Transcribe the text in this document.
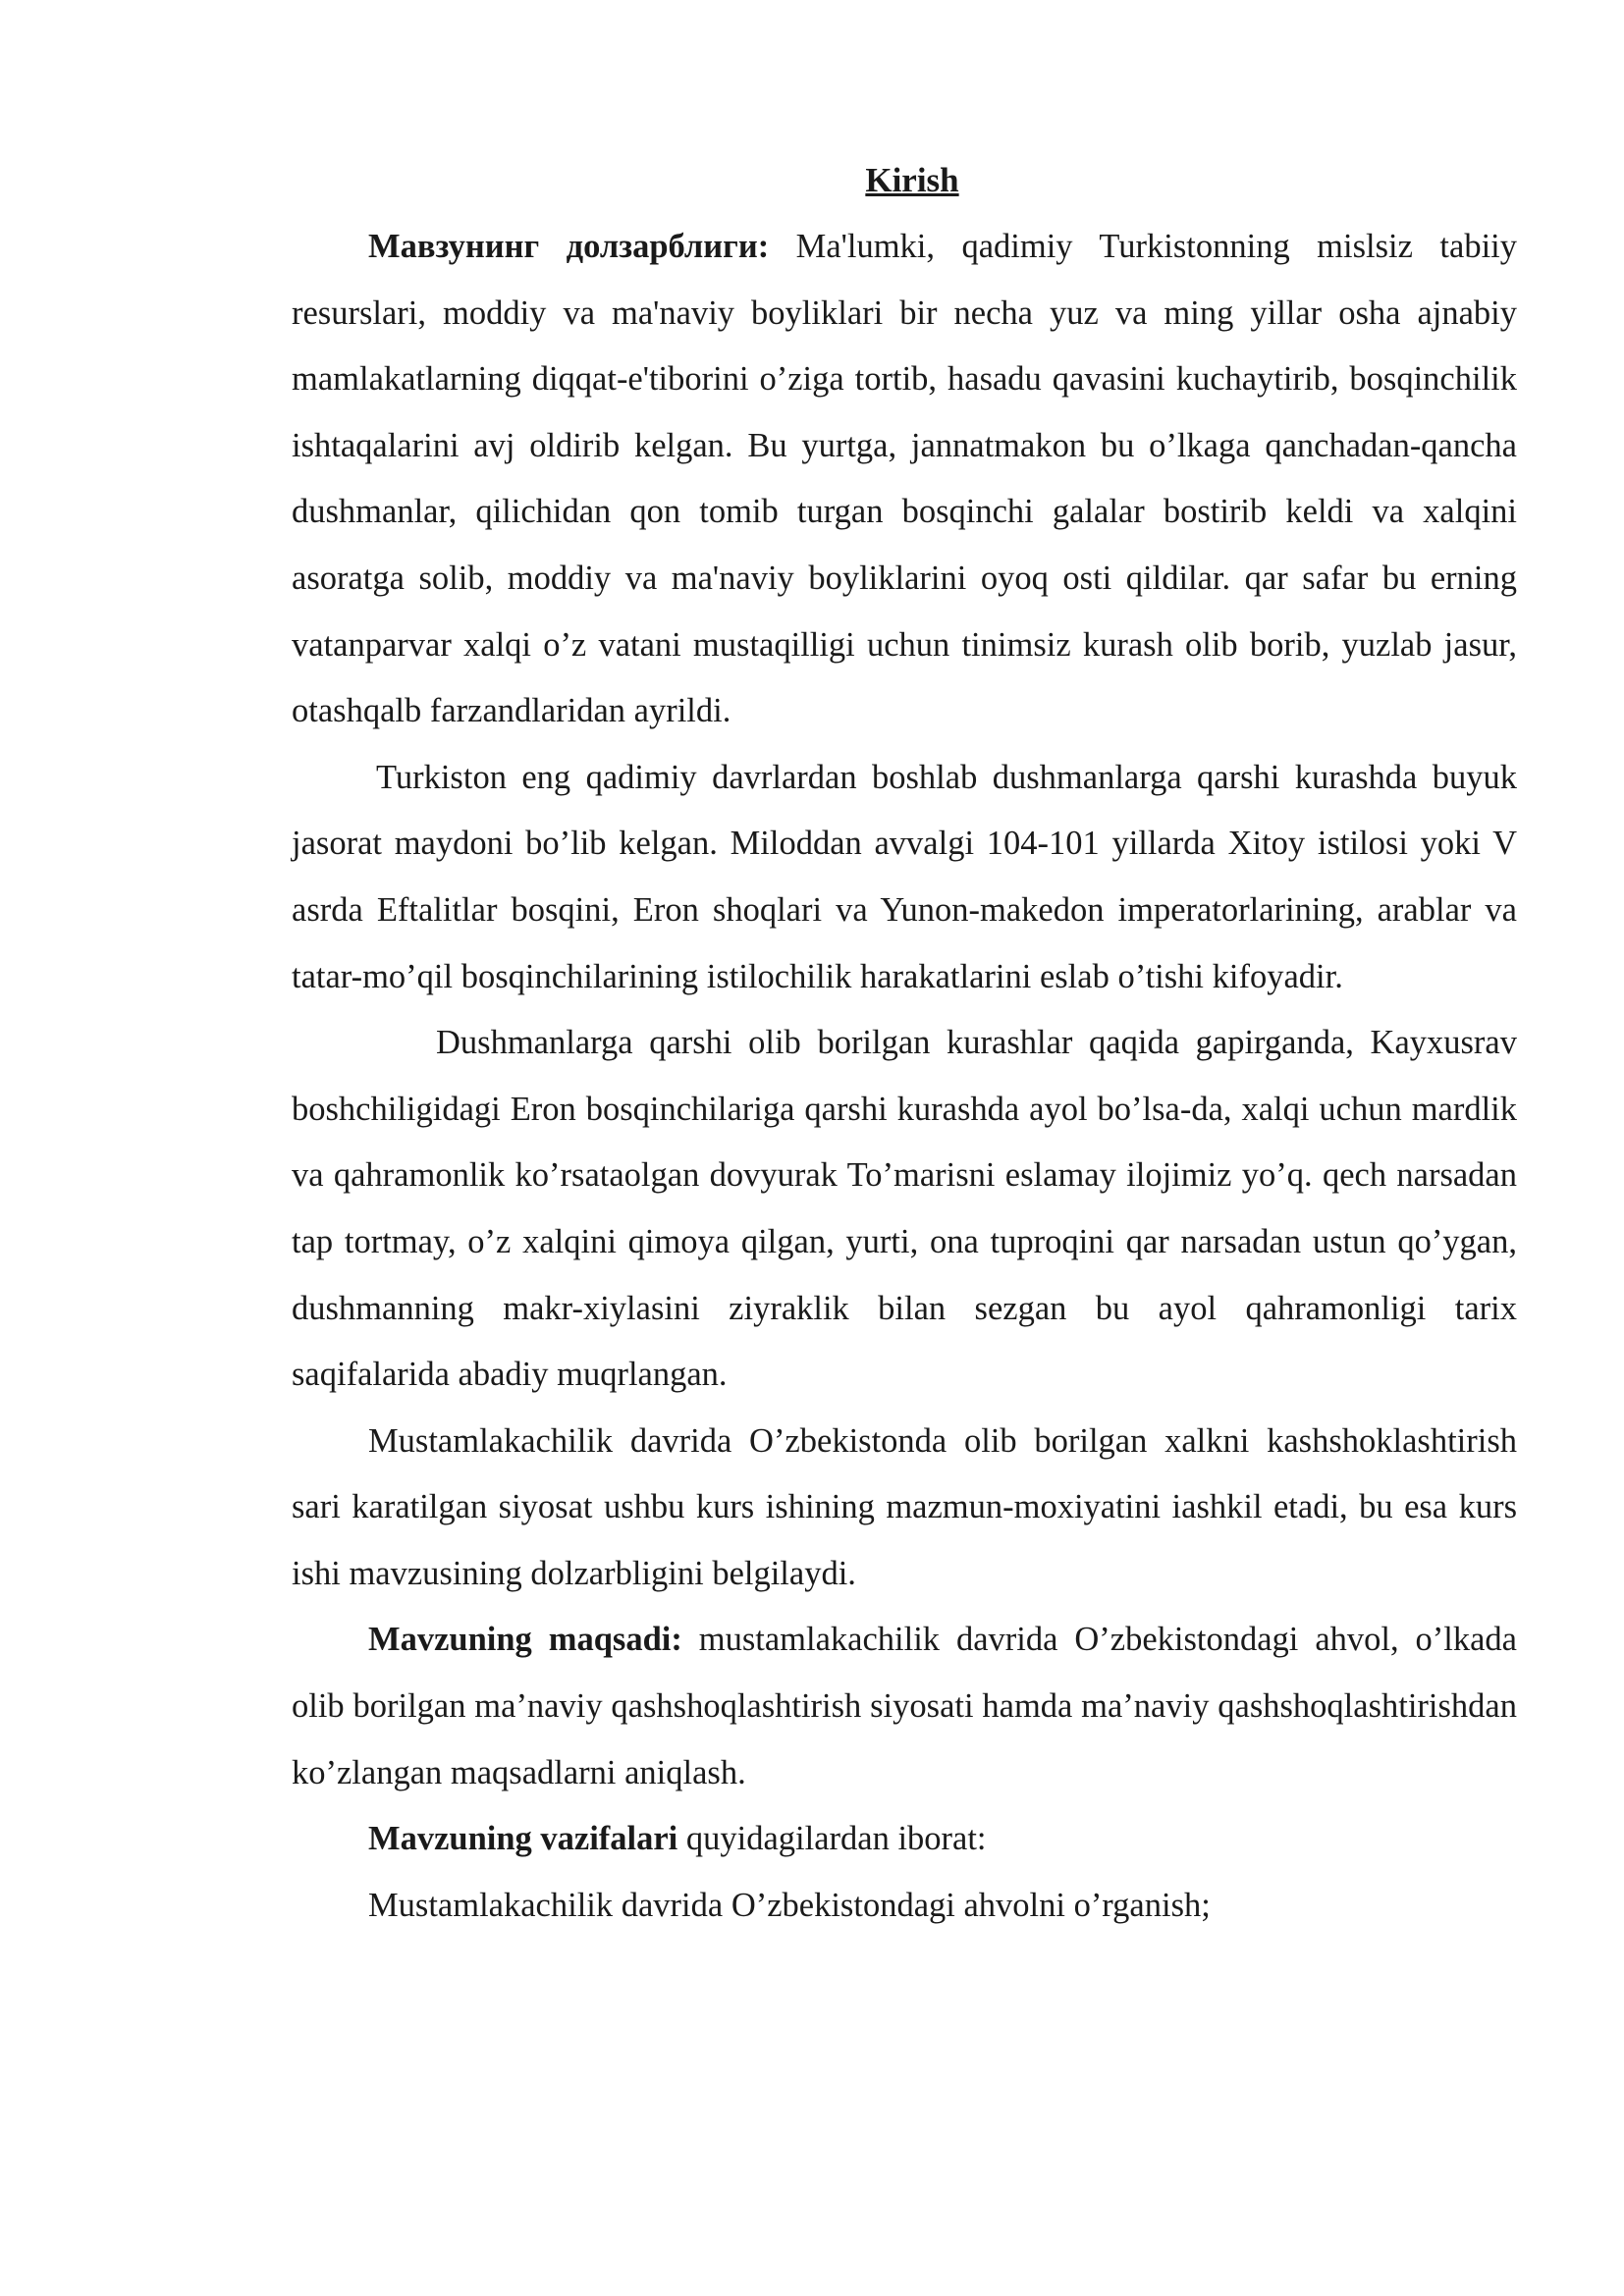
Kirish

Мавзунинг долзарблиги: Ma'lumki, qadimiy Turkistonning mislsiz tabiiy resurslari, moddiy va ma'naviy boyliklari bir necha yuz va ming yillar osha ajnabiy mamlakatlarning diqqat-e'tiborini o’ziga tortib, hasadu qavasini kuchaytirib, bosqinchilik ishtaqalarini avj oldirib kelgan. Bu yurtga, jannatmakon bu o’lkaga qanchadan-qancha dushmanlar, qilichidan qon tomib turgan bosqinchi galalar bostirib keldi va xalqini asoratga solib, moddiy va ma'naviy boyliklarini oyoq osti qildilar. qar safar bu erning vatanparvar xalqi o’z vatani mustaqilligi uchun tinimsiz kurash olib borib, yuzlab jasur, otashqalb farzandlaridan ayrildi.

Turkiston eng qadimiy davrlardan boshlab dushmanlarga qarshi kurashda buyuk jasorat maydoni bo’lib kelgan. Miloddan avvalgi 104-101 yillarda Xitoy istilosi yoki V asrda Eftalitlar bosqini, Eron shoqlari va Yunon-makedon imperatorlarining, arablar va tatar-mo’qil bosqinchilarining istilochilik harakatlarini eslab o’tishi kifoyadir.

Dushmanlarga qarshi olib borilgan kurashlar qaqida gapirganda, Kayxusrav boshchiligidagi Eron bosqinchilariga qarshi kurashda ayol bo’lsa-da, xalqi uchun mardlik va qahramonlik ko’rsataolgan dovyurak To’marisni eslamay ilojimiz yo’q. qech narsadan tap tortmay, o’z xalqini qimoya qilgan, yurti, ona tuproqini qar narsadan ustun qo’ygan, dushmanning makr-xiylasini ziyraklik bilan sezgan bu ayol qahramonligi tarix saqifalarida abadiy muqrlangan.

Mustamlakachilik davrida O’zbekistonda olib borilgan xalkni kashshoklashtirish sari karatilgan siyosat ushbu kurs ishining mazmun-moxiyatini iashkil etadi, bu esa kurs ishi mavzusining dolzarbligini belgilaydi.

Mavzuning maqsadi: mustamlakachilik davrida O’zbekistondagi ahvol, o’lkada olib borilgan ma’naviy qashshoqlashtirish siyosati hamda ma’naviy qashshoqlashtirishdan ko’zlangan maqsadlarni aniqlash.

Mavzuning vazifalari quyidagilardan iborat:

Mustamlakachilik davrida O’zbekistondagi ahvolni o’rganish;
